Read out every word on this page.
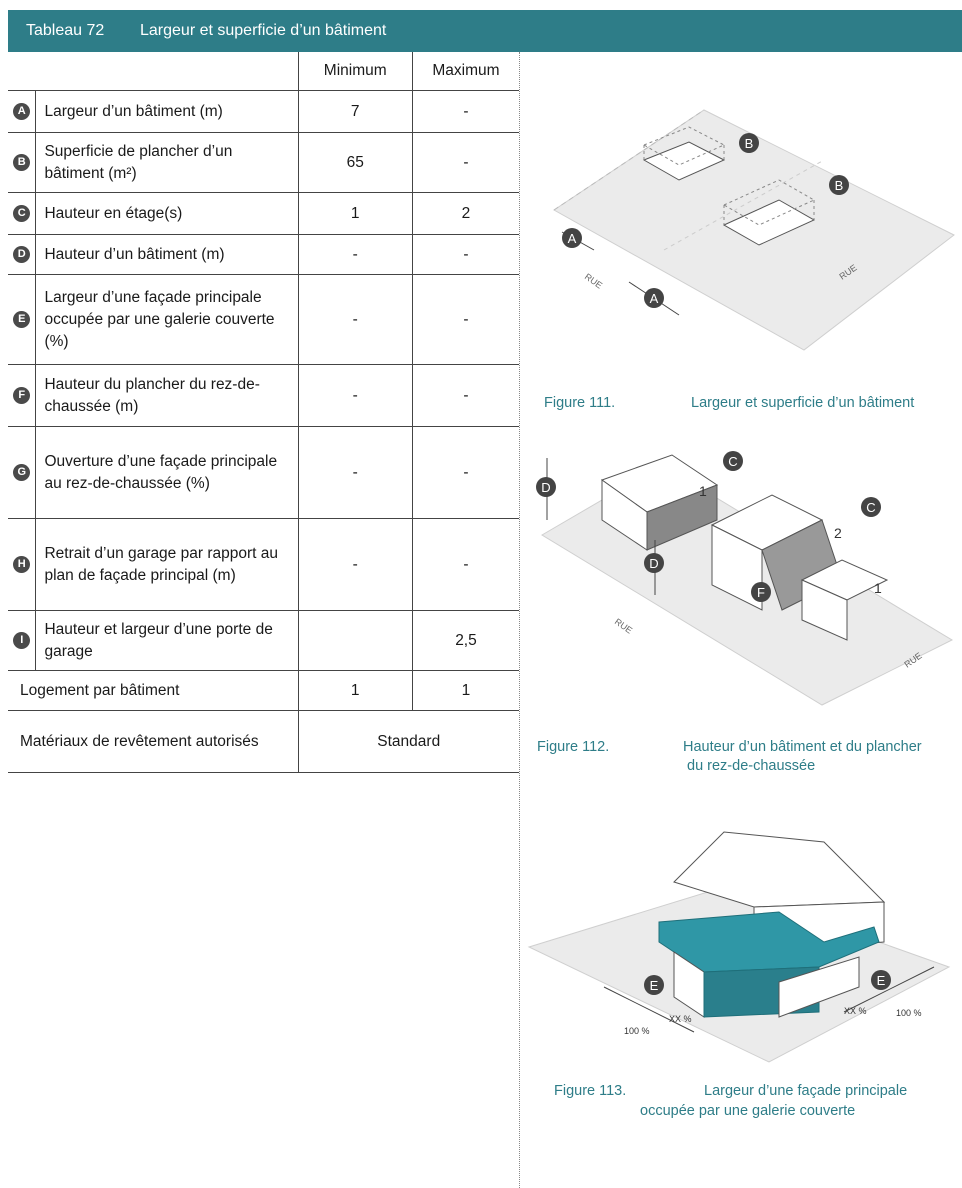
Tableau 72 Largeur et superficie d’un bâtiment
		Minimum	Maximum
A	Largeur d’un bâtiment (m)	7	-
B	Superficie de plancher d’un bâtiment (m²)	65	-
C	Hauteur en étage(s)	1	2
D	Hauteur d’un bâtiment (m)	-	-
E	Largeur d’une façade principale occupée par une galerie couverte (%)	-	-
F	Hauteur du plancher du rez-de-chaussée (m)	-	-
G	Ouverture d’une façade principale au rez-de-chaussée (%)	-	-
H	Retrait d’un garage par rapport au plan de façade principal (m)	-	-
I	Hauteur et largeur d’une porte de garage		2,5
Logement par bâtiment		1	1
Matériaux de revêtement autorisés		Standard	
A
A
B
B
RUE	RUE
Figure 111.	Largeur et superficie d’un bâtiment
D
D
C
C
F
1
2
1
RUE
RUE
Figure 112.	Hauteur d’un bâtiment et du plancher
du rez-de-chaussée
E	E
XX %
XX %
100 %
100 %
Figure 113.	Largeur d’une façade principale
occupée par une galerie couverte
